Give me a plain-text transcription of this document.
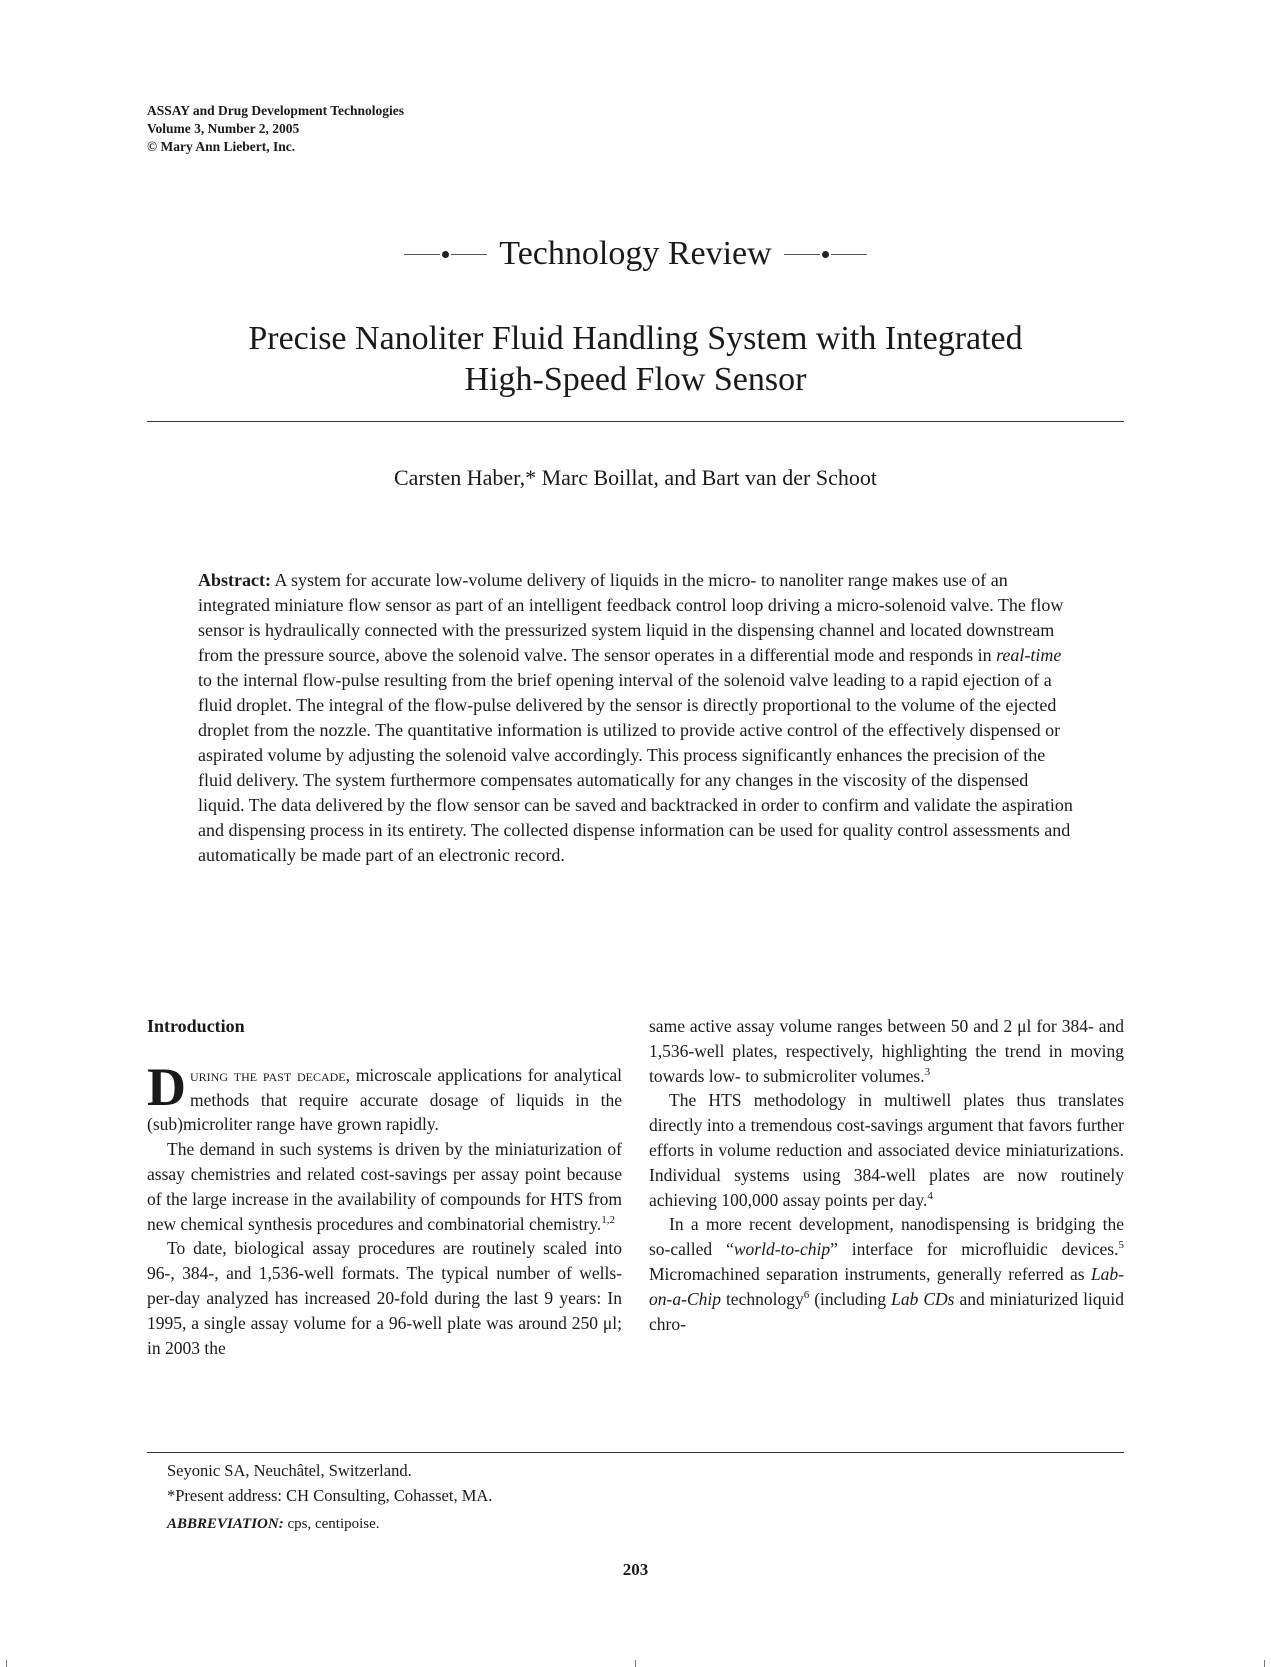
ASSAY and Drug Development Technologies
Volume 3, Number 2, 2005
© Mary Ann Liebert, Inc.
Technology Review
Precise Nanoliter Fluid Handling System with Integrated
High-Speed Flow Sensor
Carsten Haber,* Marc Boillat, and Bart van der Schoot
Abstract: A system for accurate low-volume delivery of liquids in the micro- to nanoliter range makes use of an integrated miniature flow sensor as part of an intelligent feedback control loop driving a micro-solenoid valve. The flow sensor is hydraulically connected with the pressurized system liquid in the dispensing channel and located downstream from the pressure source, above the solenoid valve. The sensor operates in a differential mode and responds in real-time to the internal flow-pulse resulting from the brief opening interval of the solenoid valve leading to a rapid ejection of a fluid droplet. The integral of the flow-pulse delivered by the sensor is directly proportional to the volume of the ejected droplet from the nozzle. The quantitative information is utilized to provide active control of the effectively dispensed or aspirated volume by adjusting the solenoid valve accordingly. This process significantly enhances the precision of the fluid delivery. The system furthermore compensates automatically for any changes in the viscosity of the dispensed liquid. The data delivered by the flow sensor can be saved and backtracked in order to confirm and validate the aspiration and dispensing process in its entirety. The collected dispense information can be used for quality control assessments and automatically be made part of an electronic record.
Introduction

During the past decade, microscale applications for analytical methods that require accurate dosage of liquids in the (sub)microliter range have grown rapidly.

The demand in such systems is driven by the miniaturization of assay chemistries and related cost-savings per assay point because of the large increase in the availability of compounds for HTS from new chemical synthesis procedures and combinatorial chemistry.$^{1,2}$

To date, biological assay procedures are routinely scaled into 96-, 384-, and 1,536-well formats. The typical number of wells-per-day analyzed has increased 20-fold during the last 9 years: In 1995, a single assay volume for a 96-well plate was around 250 μl; in 2003 the

same active assay volume ranges between 50 and 2 μl for 384- and 1,536-well plates, respectively, highlighting the trend in moving towards low- to submicroliter volumes.$^3$

The HTS methodology in multiwell plates thus translates directly into a tremendous cost-savings argument that favors further efforts in volume reduction and associated device miniaturizations. Individual systems using 384-well plates are now routinely achieving 100,000 assay points per day.$^4$

In a more recent development, nanodispensing is bridging the so-called “world-to-chip” interface for microfluidic devices.$^5$ Micromachined separation instruments, generally referred as Lab-on-a-Chip technology$^6$ (including Lab CDs and miniaturized liquid chro-

Seyonic SA, Neuchâtel, Switzerland.
*Present address: CH Consulting, Cohasset, MA.
ABBREVIATION: cps, centipoise.
203
